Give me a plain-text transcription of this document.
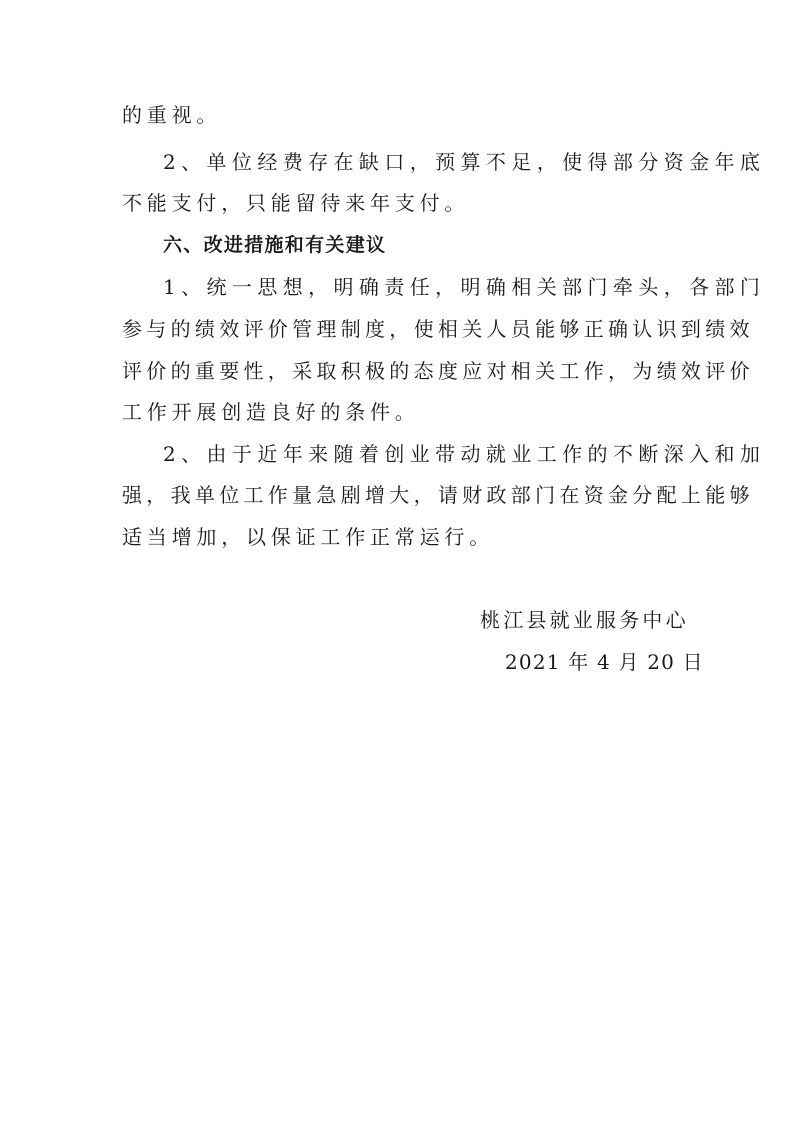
的重视。

2、单位经费存在缺口，预算不足，使得部分资金年底

不能支付，只能留待来年支付。

六、改进措施和有关建议

1、统一思想，明确责任，明确相关部门牵头，各部门

参与的绩效评价管理制度，使相关人员能够正确认识到绩效

评价的重要性，采取积极的态度应对相关工作，为绩效评价

工作开展创造良好的条件。

2、由于近年来随着创业带动就业工作的不断深入和加

强，我单位工作量急剧增大，请财政部门在资金分配上能够

适当增加，以保证工作正常运行。

桃江县就业服务中心

2021 年 4 月 20 日
